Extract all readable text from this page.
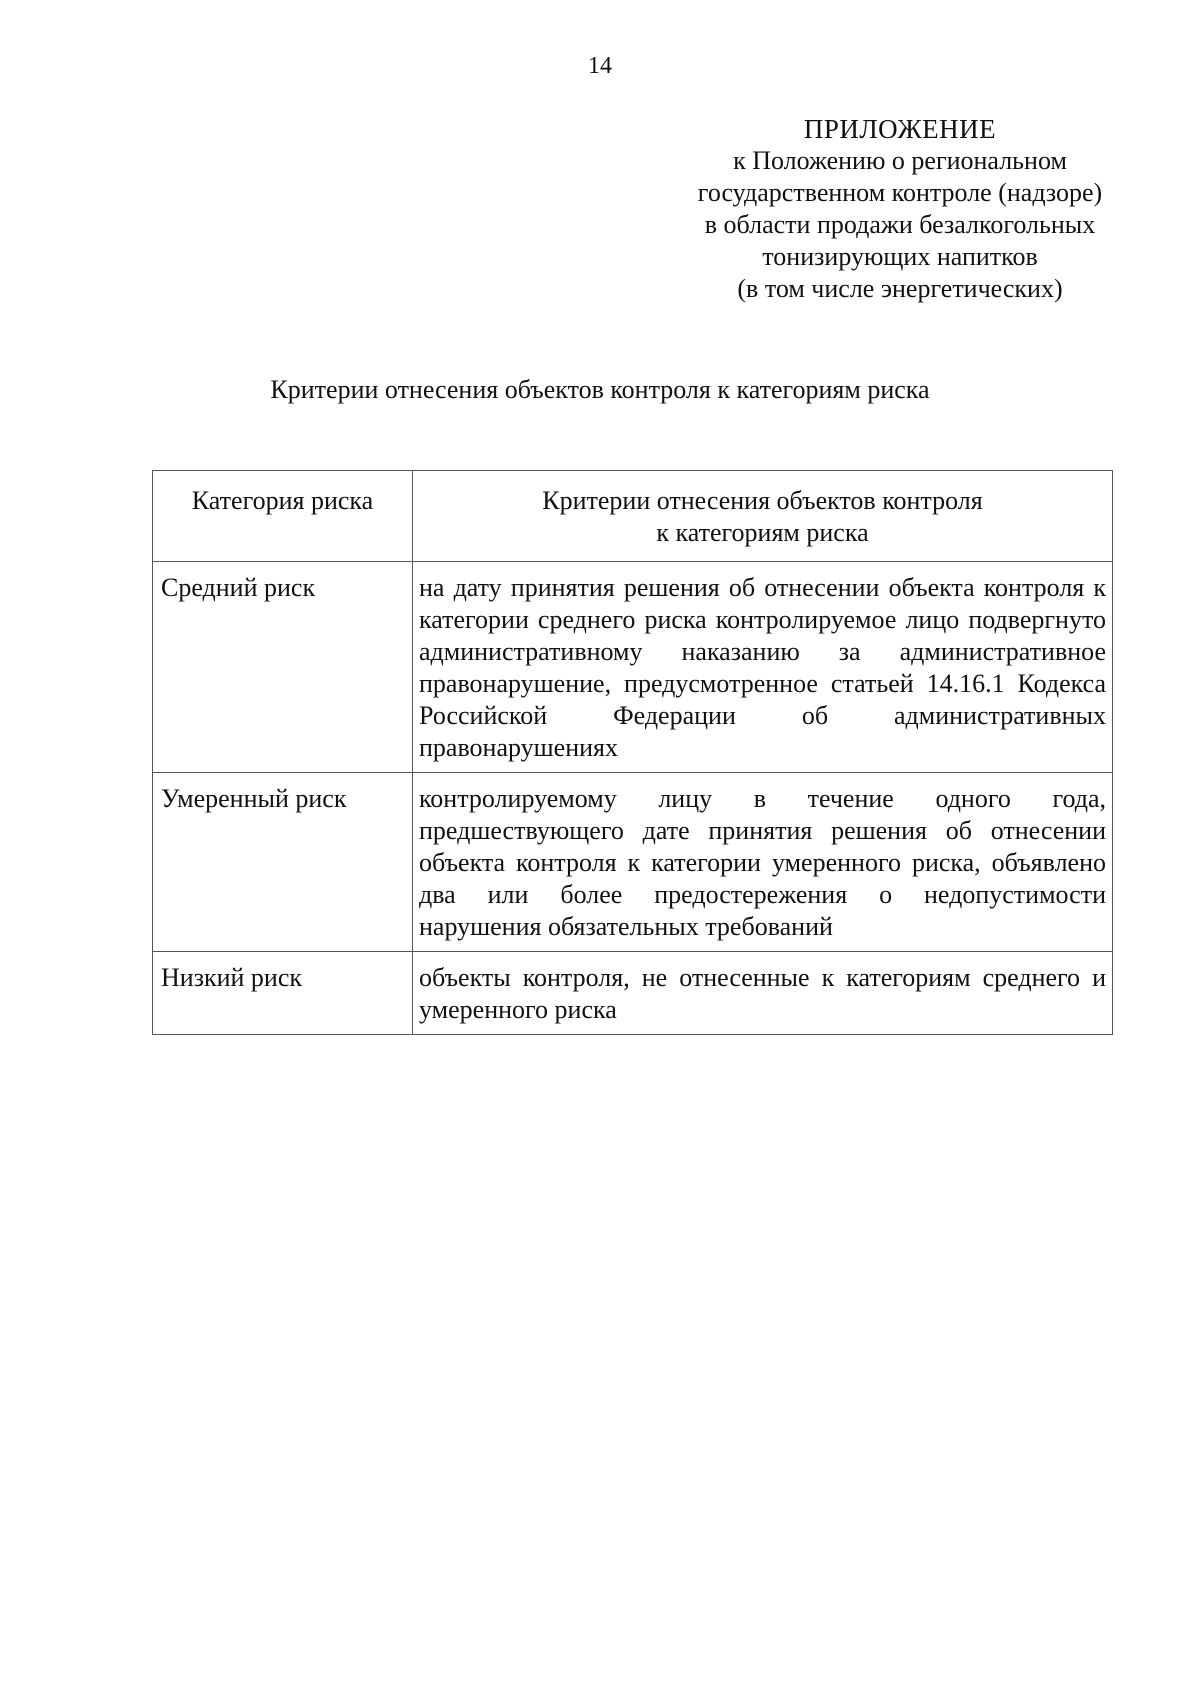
14
ПРИЛОЖЕНИЕ
к Положению о региональном
государственном контроле (надзоре)
в области продажи безалкогольных
тонизирующих напитков
(в том числе энергетических)
Критерии отнесения объектов контроля к категориям риска
Категория риска	Критерии отнесения объектов контроля
к категориям риска

Средний риск	на дату принятия решения об отнесении объекта контроля к категории среднего риска контролируемое лицо подвергнуто административному наказанию за административное правонарушение, предусмотренное статьей 14.16.1 Кодекса Российской Федерации об административных правонарушениях
Умеренный риск	контролируемому лицу в течение одного года, предшествующего дате принятия решения об отнесении объекта контроля к категории умеренного риска, объявлено два или более предостережения о недопустимости нарушения обязательных требований
Низкий риск	объекты контроля, не отнесенные к категориям среднего и умеренного риска
